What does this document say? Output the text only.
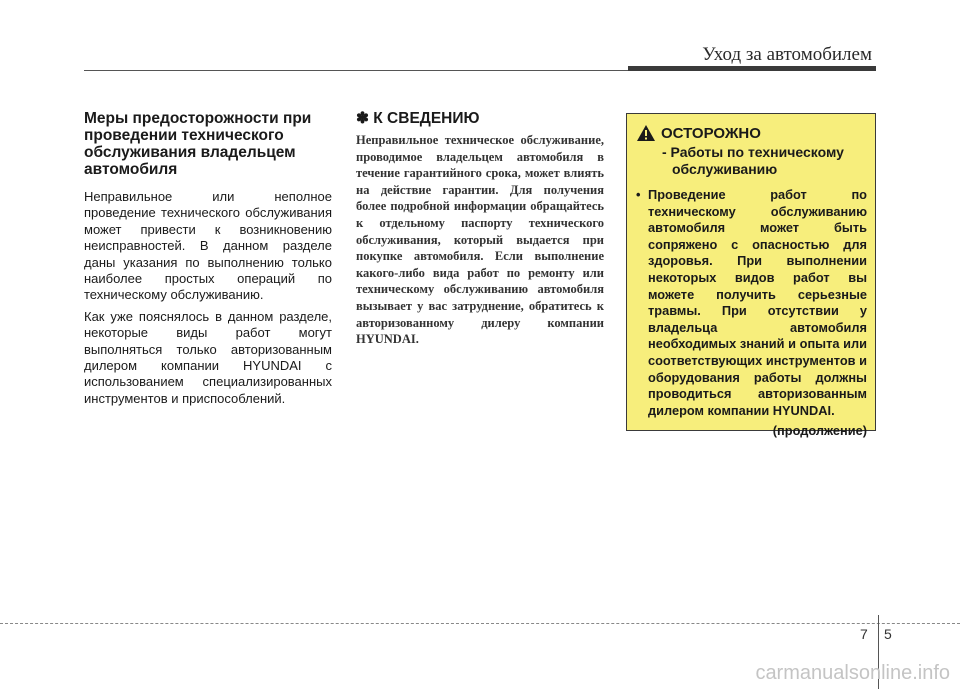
Уход за автомобилем
Меры предосторожности при проведении технического обслуживания владельцем автомобиля

Неправильное или неполное проведение технического обслуживания может привести к возникновению неисправностей. В данном разделе даны указания по выполнению только наиболее простых операций по техническому обслуживанию.

Как уже пояснялось в данном разделе, некоторые виды работ могут выполняться только авторизованным дилером компании HYUNDAI с использованием специализированных инструментов и приспособлений.

✽ К СВЕДЕНИЮ

Неправильное техническое обслуживание, проводимое владельцем автомобиля в течение гарантийного срока, может влиять на действие гарантии. Для получения более подробной информации обращайтесь к отдельному паспорту технического обслуживания, который выдается при покупке автомобиля. Если выполнение какого-либо вида работ по ремонту или техническому обслуживанию автомобиля вызывает у вас затруднение, обратитесь к авторизованному дилеру компании HYUNDAI.

ОСТОРОЖНО
- Работы по техническому обслуживанию
• Проведение работ по техническому обслуживанию автомобиля может быть сопряжено с опасностью для здоровья. При выполнении некоторых видов работ вы можете получить серьезные травмы. При отсутствии у владельца автомобиля необходимых знаний и опыта или соответствующих инструментов и оборудования работы должны проводиться авторизованным дилером компании HYUNDAI.
(продолжение)
7 5
carmanualsonline.info
